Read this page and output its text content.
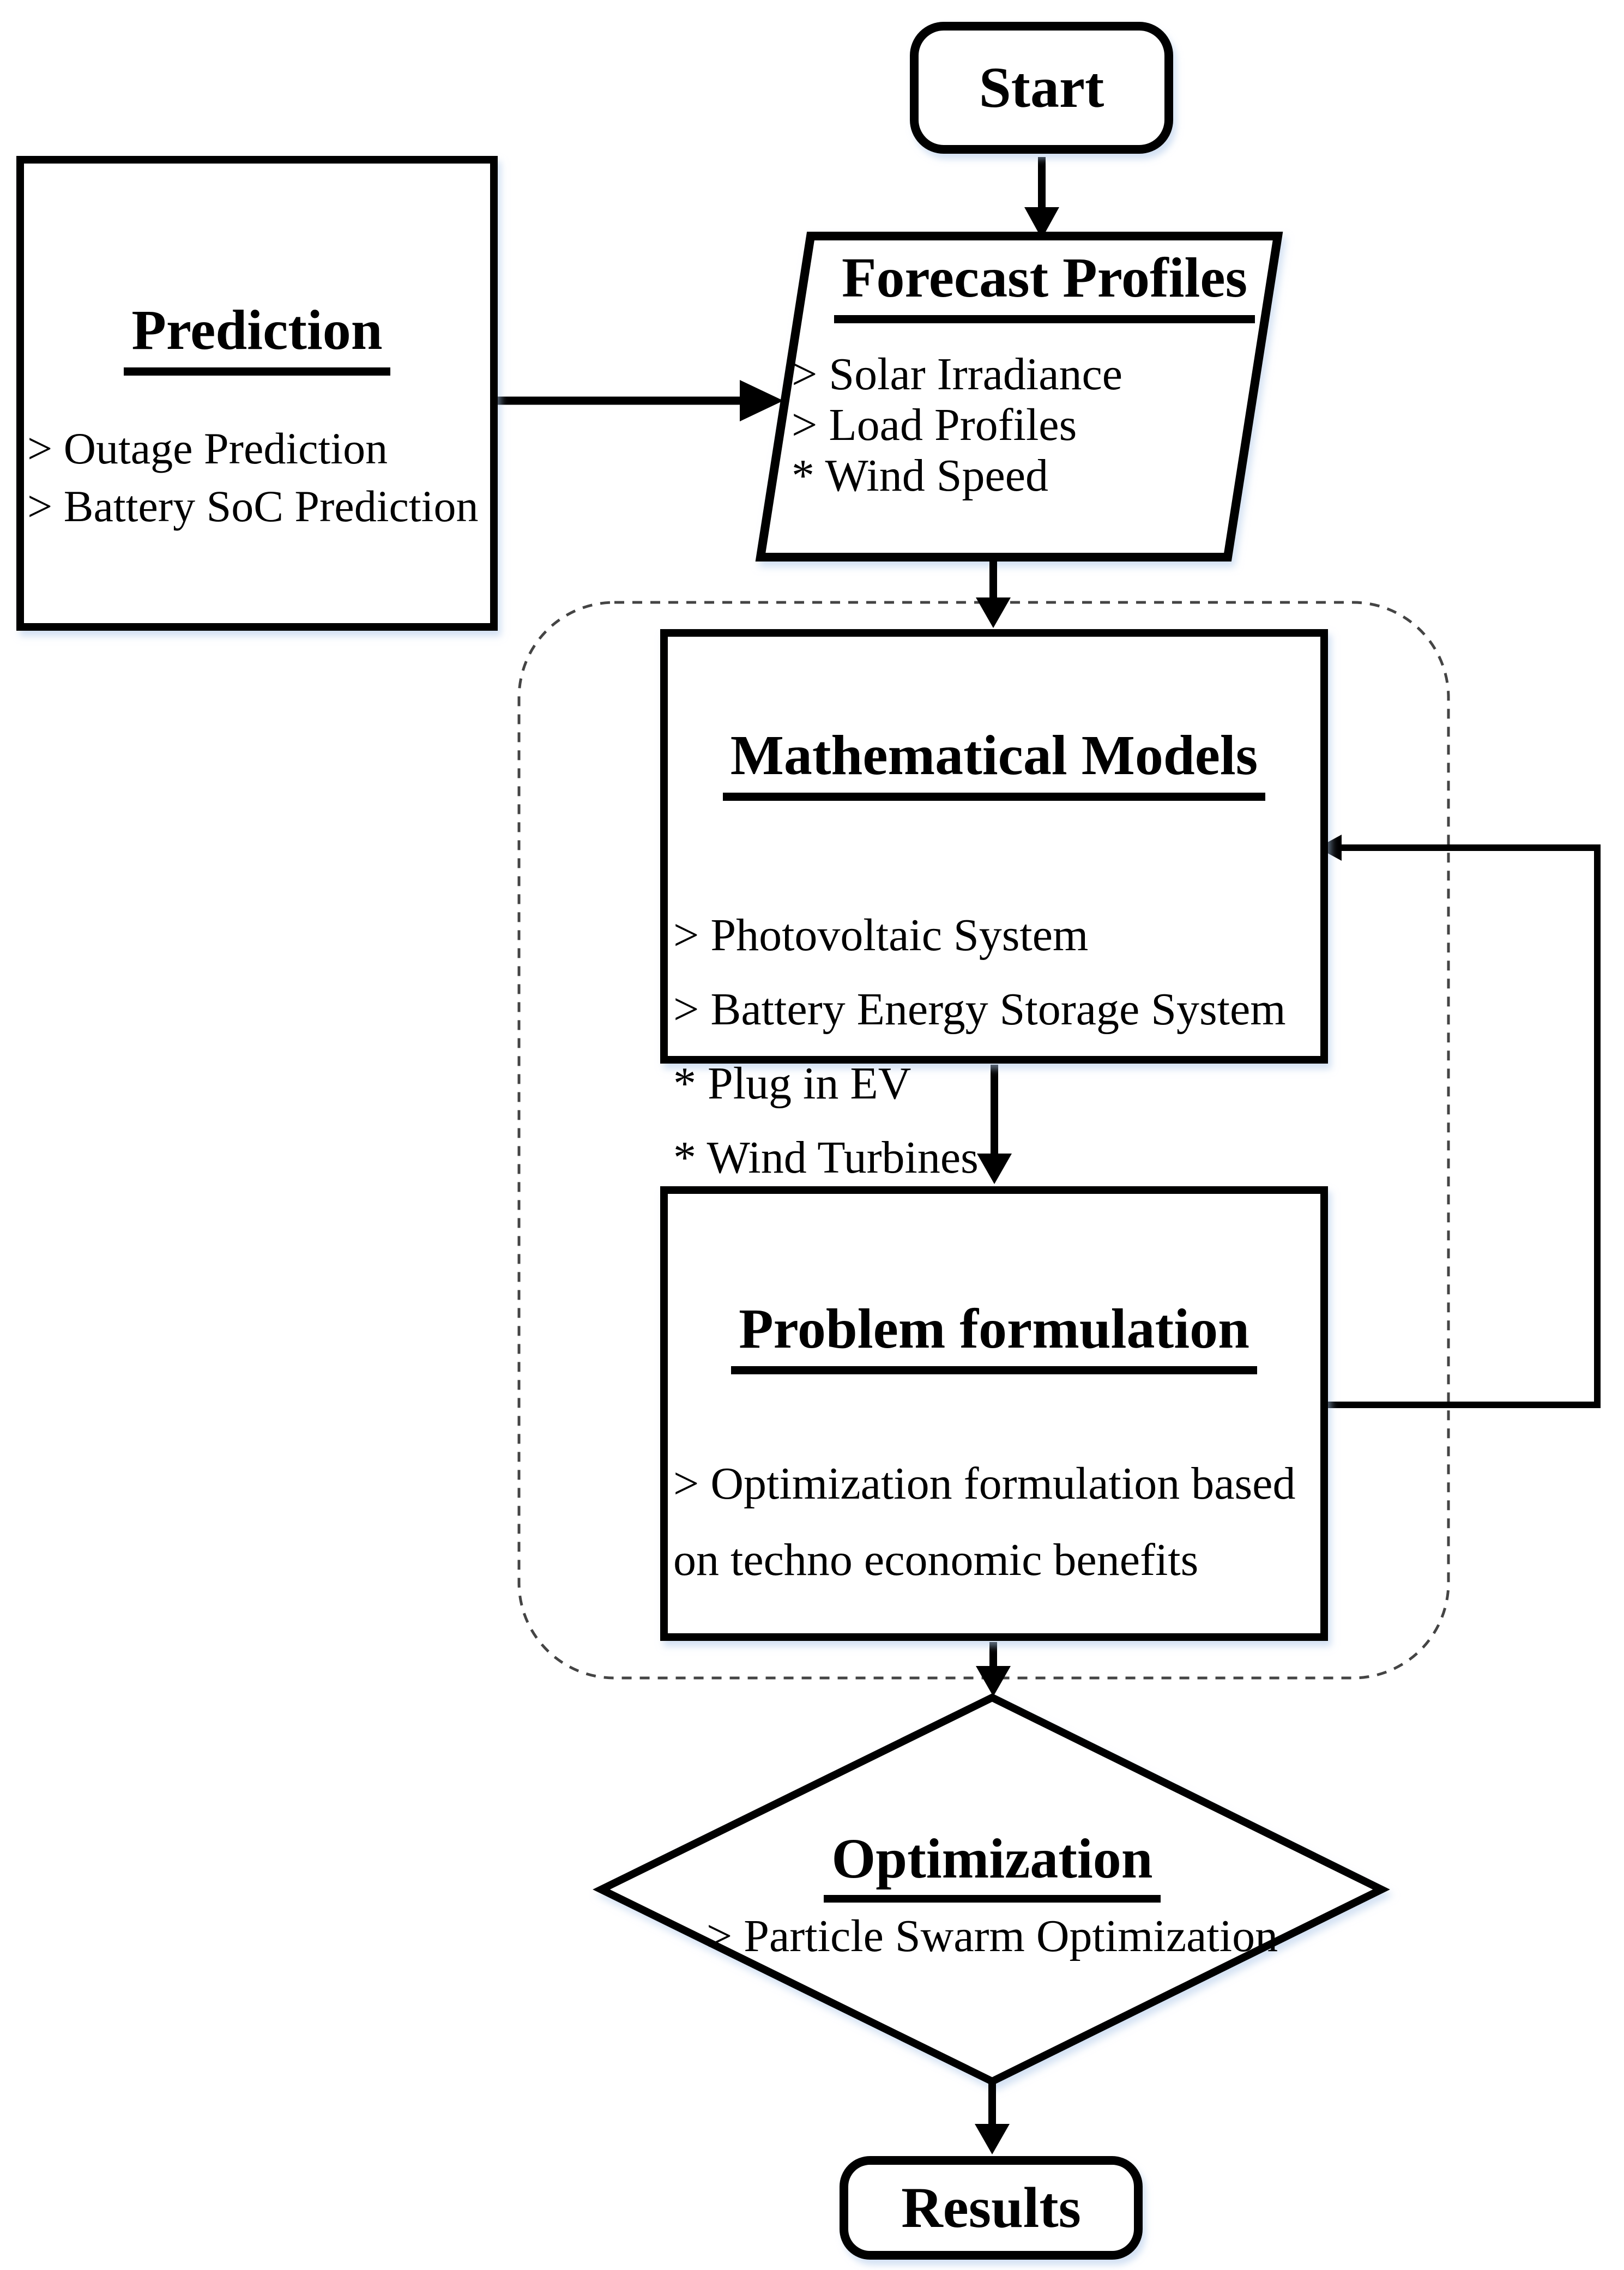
Start
Prediction
> Outage Prediction
> Battery SoC Prediction
Forecast Profiles
> Solar Irradiance
> Load Profiles
* Wind Speed
Mathematical Models
> Photovoltaic System
> Battery Energy Storage System
* Plug in EV
* Wind Turbines
Problem formulation
> Optimization formulation based on techno economic benefits
Optimization
> Particle Swarm Optimization
Results
